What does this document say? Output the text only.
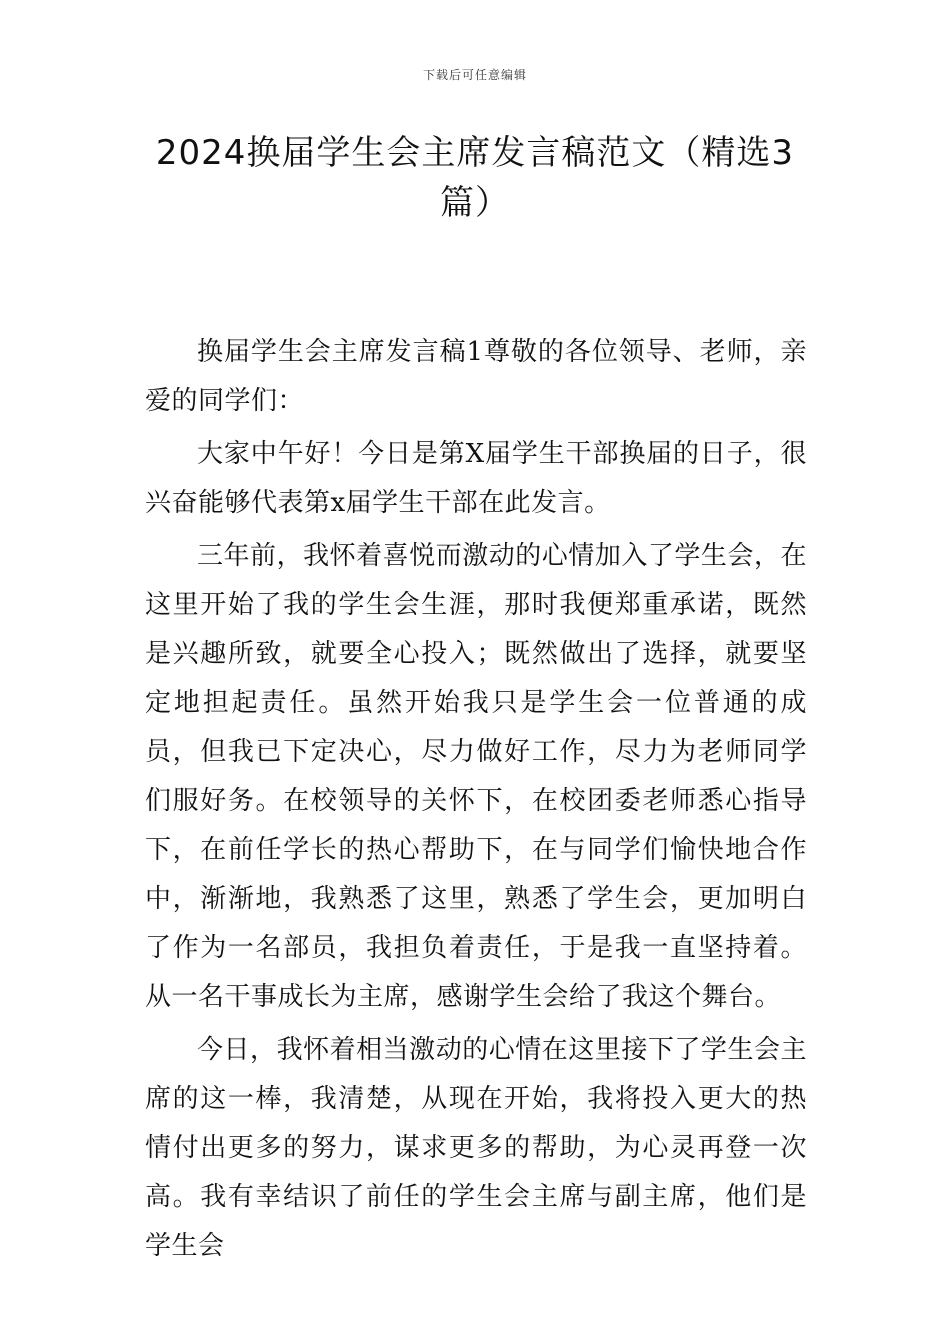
下载后可任意编辑
2024换届学生会主席发言稿范文（精选3篇）

换届学生会主席发言稿1尊敬的各位领导、老师，亲爱的同学们：

大家中午好！今日是第X届学生干部换届的日子，很兴奋能够代表第x届学生干部在此发言。

三年前，我怀着喜悦而激动的心情加入了学生会，在这里开始了我的学生会生涯，那时我便郑重承诺，既然是兴趣所致，就要全心投入；既然做出了选择，就要坚定地担起责任。虽然开始我只是学生会一位普通的成员，但我已下定决心，尽力做好工作，尽力为老师同学们服好务。在校领导的关怀下，在校团委老师悉心指导下，在前任学长的热心帮助下，在与同学们愉快地合作中，渐渐地，我熟悉了这里，熟悉了学生会，更加明白了作为一名部员，我担负着责任，于是我一直坚持着。从一名干事成长为主席，感谢学生会给了我这个舞台。

今日，我怀着相当激动的心情在这里接下了学生会主席的这一棒，我清楚，从现在开始，我将投入更大的热情付出更多的努力，谋求更多的帮助，为心灵再登一次高。我有幸结识了前任的学生会主席与副主席，他们是学生会
